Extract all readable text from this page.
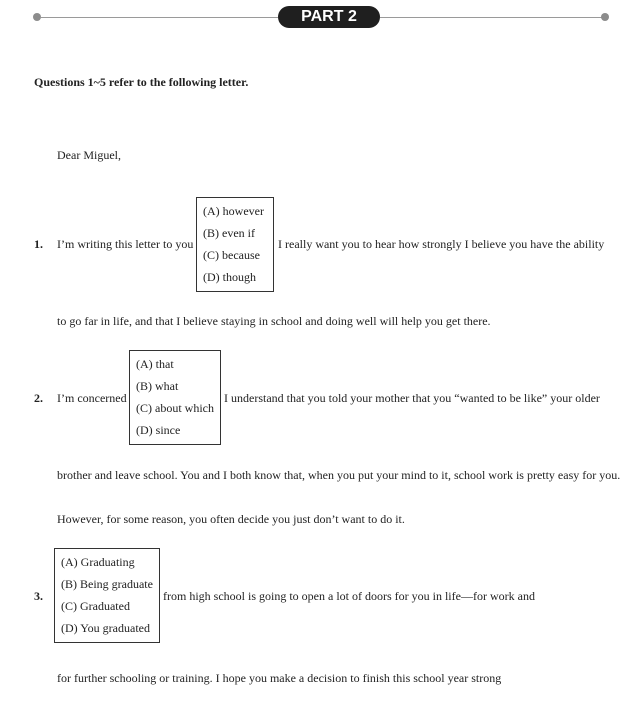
PART 2
Questions 1~5 refer to the following letter.
Dear Miguel,
1. I’m writing this letter to you
(A) however
(B) even if
(C) because
(D) though
I really want you to hear how strongly I believe you have the ability
to go far in life, and that I believe staying in school and doing well will help you get there.
2. I’m concerned
(A) that
(B) what
(C) about which
(D) since
I understand that you told your mother that you “wanted to be like” your older
brother and leave school. You and I both know that, when you put your mind to it, school work is pretty easy for you.
However, for some reason, you often decide you just don’t want to do it.
3.
(A) Graduating
(B) Being graduate
(C) Graduated
(D) You graduated
from high school is going to open a lot of doors for you in life—for work and
for further schooling or training. I hope you make a decision to finish this school year strong
